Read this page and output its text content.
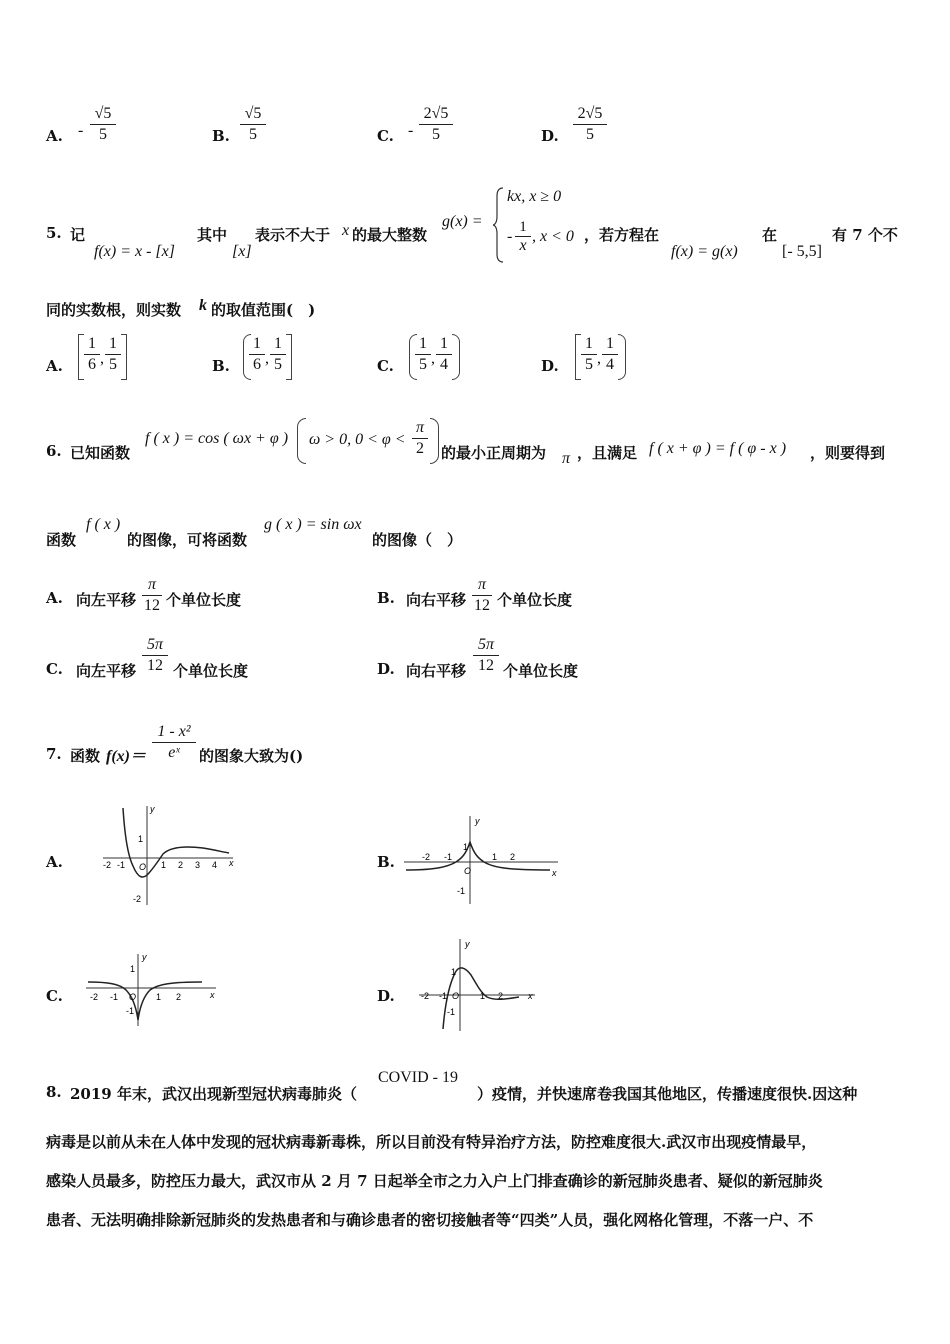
A. - $\frac{√5}{5}$	B. $\frac{√5}{5}$	C. - $\frac{2√5}{5}$	D. $\frac{2√5}{5}$
5. 记
f(x) = x - [x]
其中
[x]
表示不大于 x 的最大整数
g(x) =
kx, x ≥ 0
- $\frac{1}{x}$ , x < 0 ，若方程在
f(x) = g(x)
在
[- 5,5]
有 7 个不
同的实数根，则实数 k 的取值范围(　)
A. $\frac{1}{6}$ , $\frac{1}{5}$	B. $\frac{1}{6}$ , $\frac{1}{5}$	C. $\frac{1}{5}$ , $\frac{1}{4}$	D. $\frac{1}{5}$ , $\frac{1}{4}$
6. 已知函数
f ( x ) = cos ( ωx + φ ) ω > 0, $0 < \varphi < \frac{\pi}{2}$ 的最小正周期为 π ，且满足 f ( x + φ ) = f ( φ - x ) ，则要得到
函数
f ( x )
的图像，可将函数
g ( x ) = sin ωx
的图像（　）
A. 向左平移 $\frac{\pi}{12}$ 个单位长度	B. 向右平移 $\frac{\pi}{12}$ 个单位长度
C. 向左平移 $\frac{5\pi}{12}$ 个单位长度	D. 向右平移 $\frac{5\pi}{12}$ 个单位长度
7. 函数 $f(x)= \frac{\text{1 - x²}}{\text{eˣ}}$ 的图象大致为()
A.	B.
C.	D.
y
x
O
-2 -1	1 2 3 4
1
-2
y
x
O
-2 -1	1 2
1
-1
y
x
O
-2 -1	1 2
1
-1
y
x
O
-2 -1	1 2
1
-1
8. 2019 年末，武汉出现新型冠状病毒肺炎（
COVID - 19
）疫情，并快速席卷我国其他地区，传播速度很快.因这种
病毒是以前从未在人体中发现的冠状病毒新毒株，所以目前没有特异治疗方法，防控难度很大.武汉市出现疫情最早，
感染人员最多，防控压力最大，武汉市从 2 月 7 日起举全市之力入户上门排查确诊的新冠肺炎患者、疑似的新冠肺炎
患者、无法明确排除新冠肺炎的发热患者和与确诊患者的密切接触者等“四类”人员，强化网格化管理，不落一户、不
